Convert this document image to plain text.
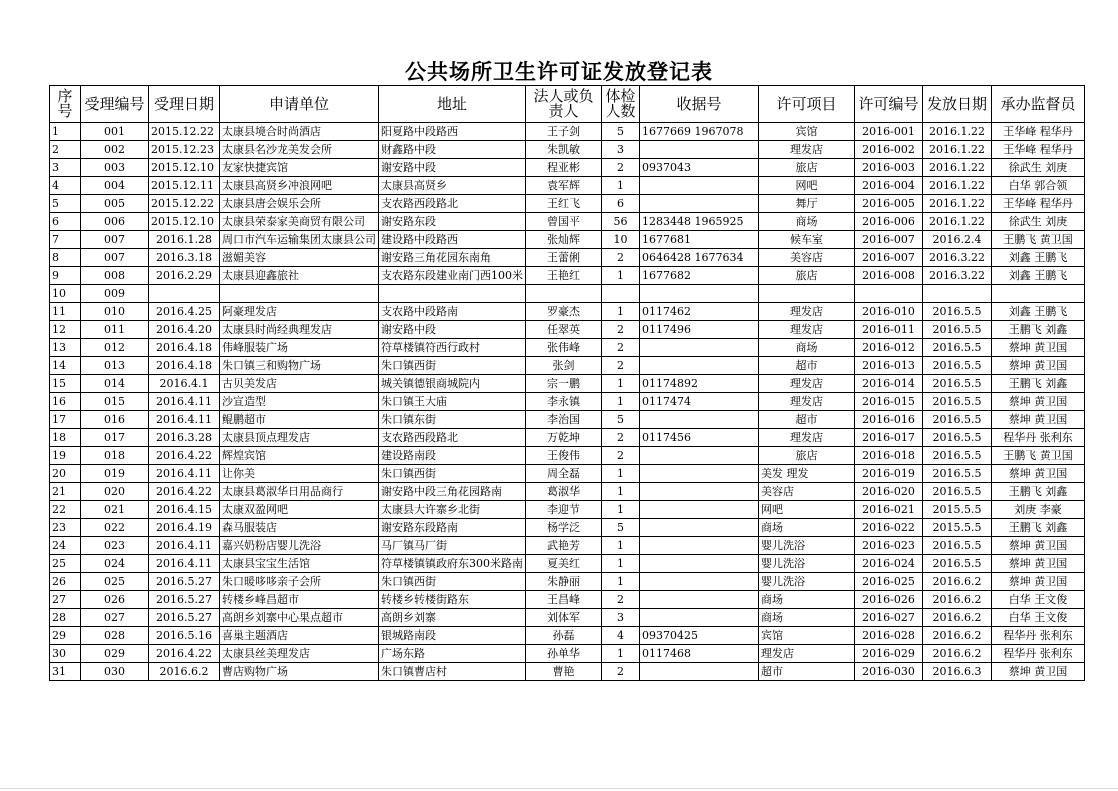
公共场所卫生许可证发放登记表
序号	受理编号	受理日期	申请单位	地址	法人或负责人	体检人数	收据号	许可项目	许可编号	发放日期	承办监督员
1	001	2015.12.22	太康县境合时尚酒店	阳夏路中段路西	王子剑	5	1677669 1967078	宾馆	2016-001	2016.1.22	王华峰 程华丹
2	002	2015.12.23	太康县名沙龙美发会所	财鑫路中段	朱凯敏	3		理发店	2016-002	2016.1.22	王华峰 程华丹
3	003	2015.12.10	友家快捷宾馆	谢安路中段	程亚彬	2	0937043	旅店	2016-003	2016.1.22	徐武生 刘庚
4	004	2015.12.11	太康县高贤乡冲浪网吧	太康县高贤乡	袁军辉	1		网吧	2016-004	2016.1.22	白华 郭合领
5	005	2015.12.22	太康县唐会娱乐会所	支农路西段路北	王红飞	6		舞厅	2016-005	2016.1.22	王华峰 程华丹
6	006	2015.12.10	太康县荣泰家美商贸有限公司	谢安路东段	曾国平	56	1283448 1965925	商场	2016-006	2016.1.22	徐武生 刘庚
7	007	2016.1.28	周口市汽车运输集团太康县公司	建设路中段路西	张灿辉	10	1677681	候车室	2016-007	2016.2.4	王鹏飞 黄卫国
8	007	2016.3.18	滋媚美容	谢安路三角花园东南角	王蕾俐	2	0646428 1677634	美容店	2016-007	2016.3.22	刘鑫 王鹏飞
9	008	2016.2.29	太康县迎鑫旅社	支农路东段建业南门西100米	王艳红	1	1677682	旅店	2016-008	2016.3.22	刘鑫 王鹏飞
10	009										
11	010	2016.4.25	阿豪理发店	支农路中段路南	罗豪杰	1	0117462	理发店	2016-010	2016.5.5	刘鑫 王鹏飞
12	011	2016.4.20	太康县时尚经典理发店	谢安路中段	任翠英	2	0117496	理发店	2016-011	2016.5.5	王鹏飞 刘鑫
13	012	2016.4.18	伟峰服装广场	符草楼镇符西行政村	张伟峰	2		商场	2016-012	2016.5.5	蔡坤 黄卫国
14	013	2016.4.18	朱口镇三和购物广场	朱口镇西街	张剑	2		超市	2016-013	2016.5.5	蔡坤 黄卫国
15	014	2016.4.1	古贝美发店	城关镇德银商城院内	宗一鹏	1	01174892	理发店	2016-014	2016.5.5	王鹏飞 刘鑫
16	015	2016.4.11	沙宣造型	朱口镇王大庙	李永镇	1	0117474	理发店	2016-015	2016.5.5	蔡坤 黄卫国
17	016	2016.4.11	鲲鹏超市	朱口镇东街	李治国	5		超市	2016-016	2016.5.5	蔡坤 黄卫国
18	017	2016.3.28	太康县顶点理发店	支农路西段路北	万乾坤	2	0117456	理发店	2016-017	2016.5.5	程华丹 张利东
19	018	2016.4.22	辉煌宾馆	建设路南段	王俊伟	2		旅店	2016-018	2016.5.5	王鹏飞 黄卫国
20	019	2016.4.11	让你美	朱口镇西街	周全磊	1		美发 理发	2016-019	2016.5.5	蔡坤 黄卫国
21	020	2016.4.22	太康县葛淑华日用品商行	谢安路中段三角花园路南	葛淑华	1		美容店	2016-020	2016.5.5	王鹏飞 刘鑫
22	021	2016.4.15	太康双盈网吧	太康县大许寨乡北街	李迎节	1		网吧	2016-021	2015.5.5	刘庚 李豪
23	022	2016.4.19	森马服装店	谢安路东段路南	杨学泛	5		商场	2016-022	2015.5.5	王鹏飞 刘鑫
24	023	2016.4.11	嘉兴奶粉店婴儿洗浴	马厂镇马厂街	武艳芳	1		婴儿洗浴	2016-023	2016.5.5	蔡坤 黄卫国
25	024	2016.4.11	太康县宝宝生活馆	符草楼镇镇政府东300米路南	夏美红	1		婴儿洗浴	2016-024	2016.5.5	蔡坤 黄卫国
26	025	2016.5.27	朱口暖哆哆亲子会所	朱口镇西街	朱静丽	1		婴儿洗浴	2016-025	2016.6.2	蔡坤 黄卫国
27	026	2016.5.27	转楼乡峰昌超市	转楼乡转楼街路东	王昌峰	2		商场	2016-026	2016.6.2	白华 王文俊
28	027	2016.5.27	高朗乡刘寨中心果点超市	高朗乡刘寨	刘体军	3		商场	2016-027	2016.6.2	白华 王文俊
29	028	2016.5.16	喜巢主题酒店	银城路南段	孙磊	4	09370425	宾馆	2016-028	2016.6.2	程华丹 张利东
30	029	2016.4.22	太康县丝美理发店	广场东路	孙单华	1	0117468	理发店	2016-029	2016.6.2	程华丹 张利东
31	030	2016.6.2	曹店购物广场	朱口镇曹店村	曹艳	2		超市	2016-030	2016.6.3	蔡坤 黄卫国
